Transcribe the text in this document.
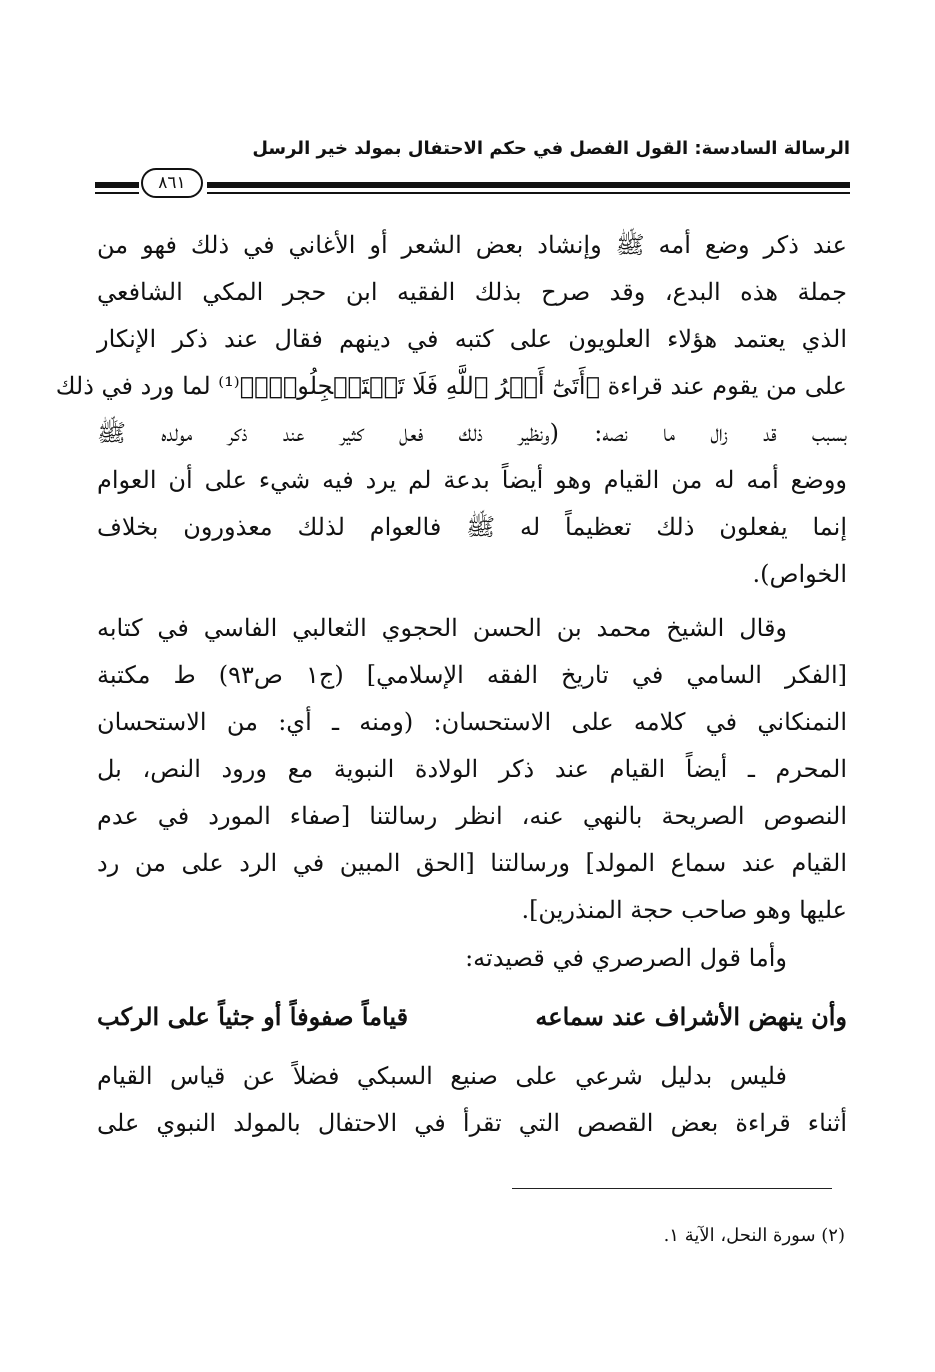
الرسالة السادسة: القول الفصل في حكم الاحتفال بمولد خير الرسل
٨٦١
عند ذكر وضع أمه ﷺ وإنشاد بعض الشعر أو الأغاني في ذلك فهو من
جملة هذه البدع، وقد صرح بذلك الفقيه ابن حجر المكي الشافعي
الذي يعتمد هؤلاء العلويون على كتبه في دينهم فقال عند ذكر الإنكار
على من يقوم عند قراءة ﴿أَتَىٰٓ أَمۡرُ ٱللَّهِ فَلَا تَسۡتَعۡجِلُوهُۚ﴾⁽¹⁾ لما ورد في ذلك
بسبب قد زال ما نصه: (ونظير ذلك فعل كثير عند ذكر مولده ﷺ
ووضع أمه له من القيام وهو أيضاً بدعة لم يرد فيه شيء على أن العوام
إنما يفعلون ذلك تعظيماً له ﷺ فالعوام لذلك معذورون بخلاف
الخواص).
وقال الشيخ محمد بن الحسن الحجوي الثعالبي الفاسي في كتابه
[الفكر السامي في تاريخ الفقه الإسلامي] (ج١ ص٩٣) ط مكتبة
النمنكاني في كلامه على الاستحسان: (ومنه ـ أي: من الاستحسان
المحرم ـ أيضاً القيام عند ذكر الولادة النبوية مع ورود النص، بل
النصوص الصريحة بالنهي عنه، انظر رسالتنا [صفاء المورد في عدم
القيام عند سماع المولد] ورسالتنا [الحق المبين في الرد على من رد
عليها وهو صاحب حجة المنذرين].
وأما قول الصرصري في قصيدته:
وأن ينهض الأشراف عند سماعه
قياماً صفوفاً أو جثياً على الركب
فليس بدليل شرعي على صنيع السبكي فضلاً عن قياس القيام
أثناء قراءة بعض القصص التي تقرأ في الاحتفال بالمولد النبوي على
(٢) سورة النحل، الآية ١.
